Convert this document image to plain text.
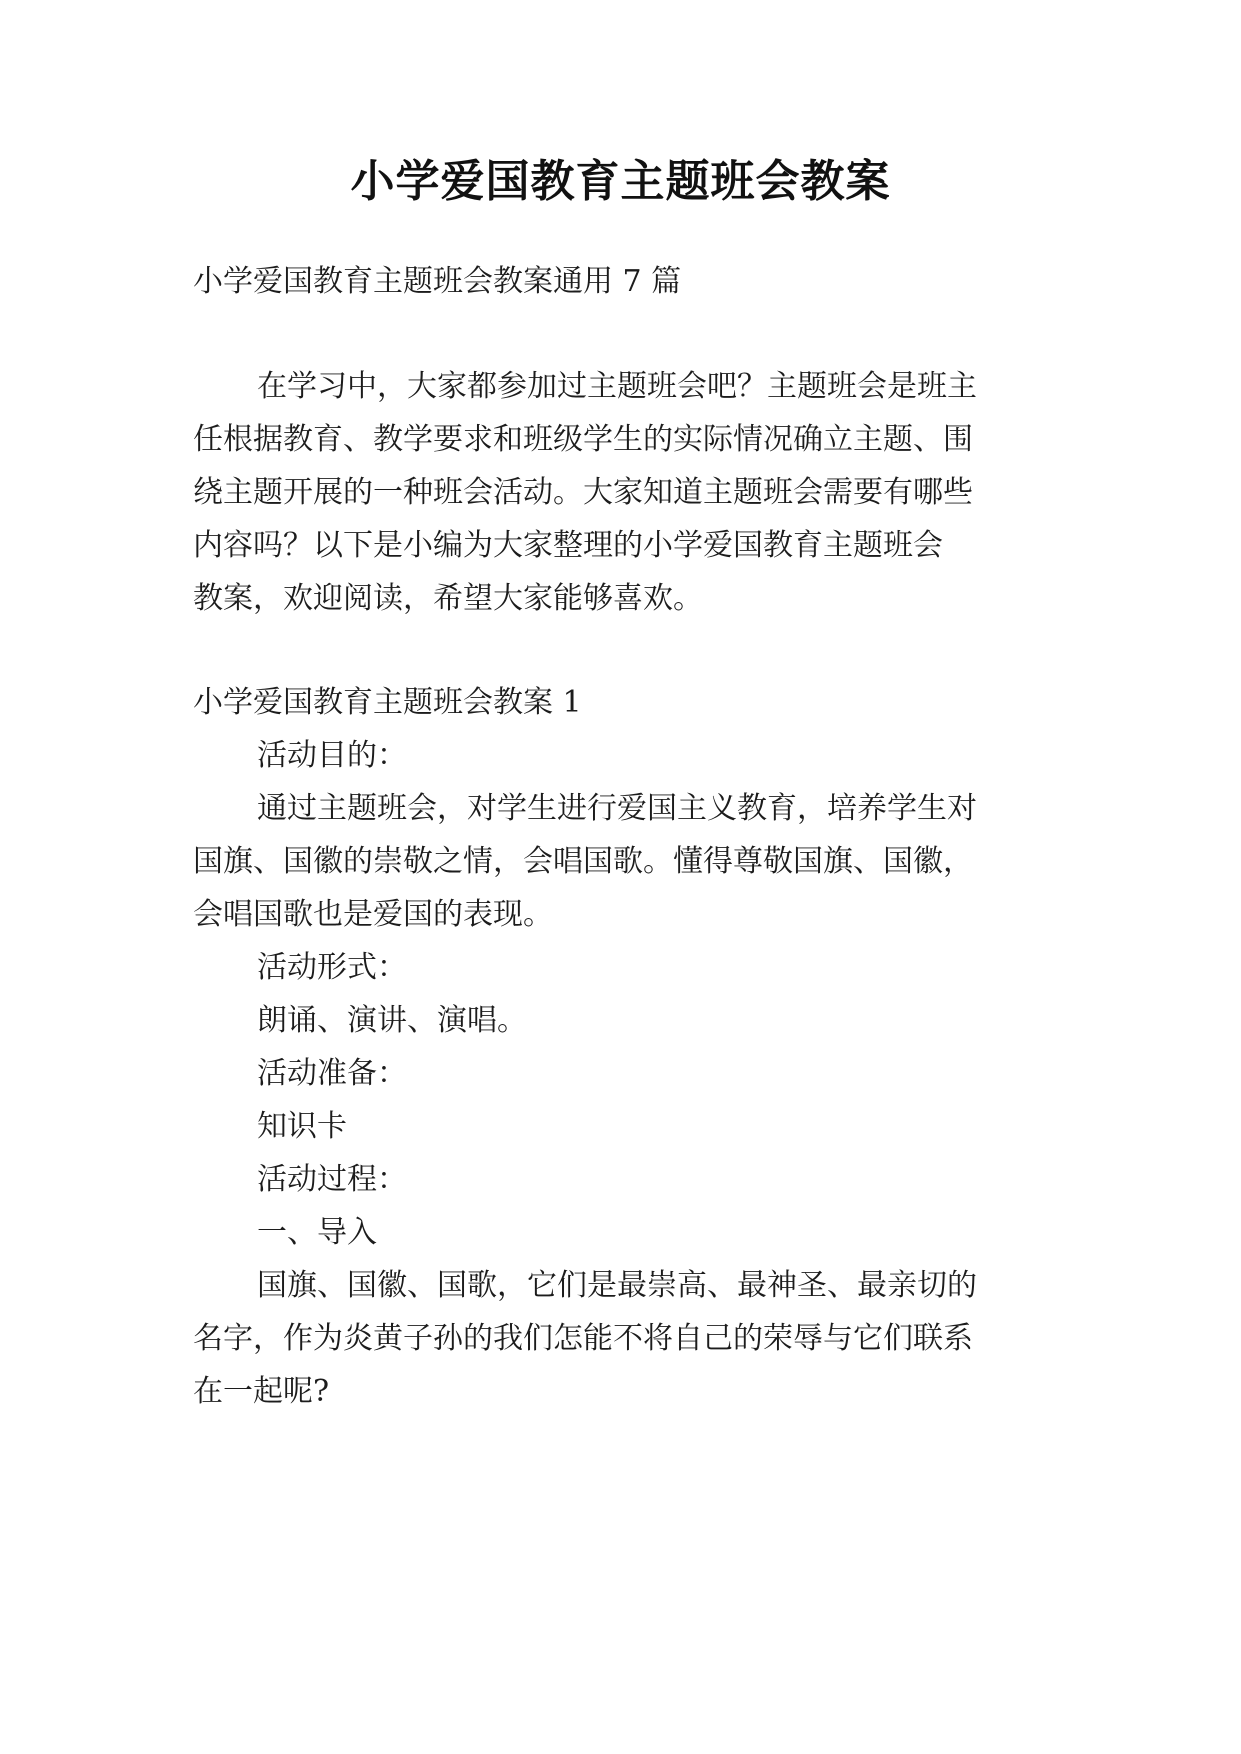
小学爱国教育主题班会教案
小学爱国教育主题班会教案通用 7 篇
在学习中，大家都参加过主题班会吧？主题班会是班主
任根据教育、教学要求和班级学生的实际情况确立主题、围
绕主题开展的一种班会活动。大家知道主题班会需要有哪些
内容吗？以下是小编为大家整理的小学爱国教育主题班会
教案，欢迎阅读，希望大家能够喜欢。
小学爱国教育主题班会教案 1
活动目的：
通过主题班会，对学生进行爱国主义教育，培养学生对
国旗、国徽的崇敬之情，会唱国歌。懂得尊敬国旗、国徽，
会唱国歌也是爱国的表现。
活动形式：
朗诵、演讲、演唱。
活动准备：
知识卡
活动过程：
一、导入
国旗、国徽、国歌，它们是最崇高、最神圣、最亲切的
名字，作为炎黄子孙的我们怎能不将自己的荣辱与它们联系
在一起呢?
